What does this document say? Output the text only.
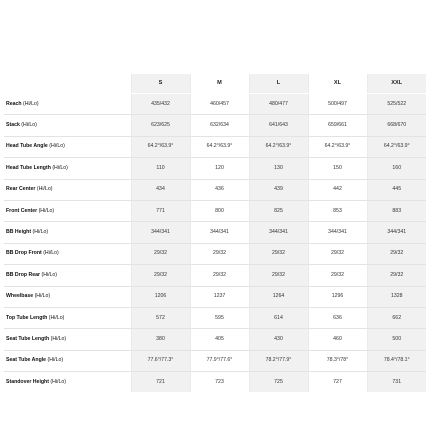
	S	M	L	XL	XXL
Reach (Hi/Lo)	435/432	460/457	480/477	500/497	525/522
Stack (Hi/Lo)	623/625	632/634	641/643	659/661	668/670
Head Tube Angle (Hi/Lo)	64.2°/63.9°	64.2°/63.9°	64.2°/63.9°	64.2°/63.9°	64.2°/63.9°
Head Tube Length (Hi/Lo)	110	120	130	150	160
Rear Center (Hi/Lo)	434	436	439	442	445
Front Center (Hi/Lo)	771	800	825	853	883
BB Height (Hi/Lo)	344/341	344/341	344/341	344/341	344/341
BB Drop Front (Hi/Lo)	29/32	29/32	29/32	29/32	29/32
BB Drop Rear (Hi/Lo)	29/32	29/32	29/32	29/32	29/32
Wheelbase (Hi/Lo)	1206	1237	1264	1296	1328
Top Tube Length (Hi/Lo)	572	595	614	636	662
Seat Tube Length (Hi/Lo)	380	405	430	460	500
Seat Tube Angle (Hi/Lo)	77.6°/77.3°	77.9°/77.6°	78.2°/77.9°	78.3°/78°	78.4°/78.1°
Standover Height (Hi/Lo)	721	723	725	727	731
